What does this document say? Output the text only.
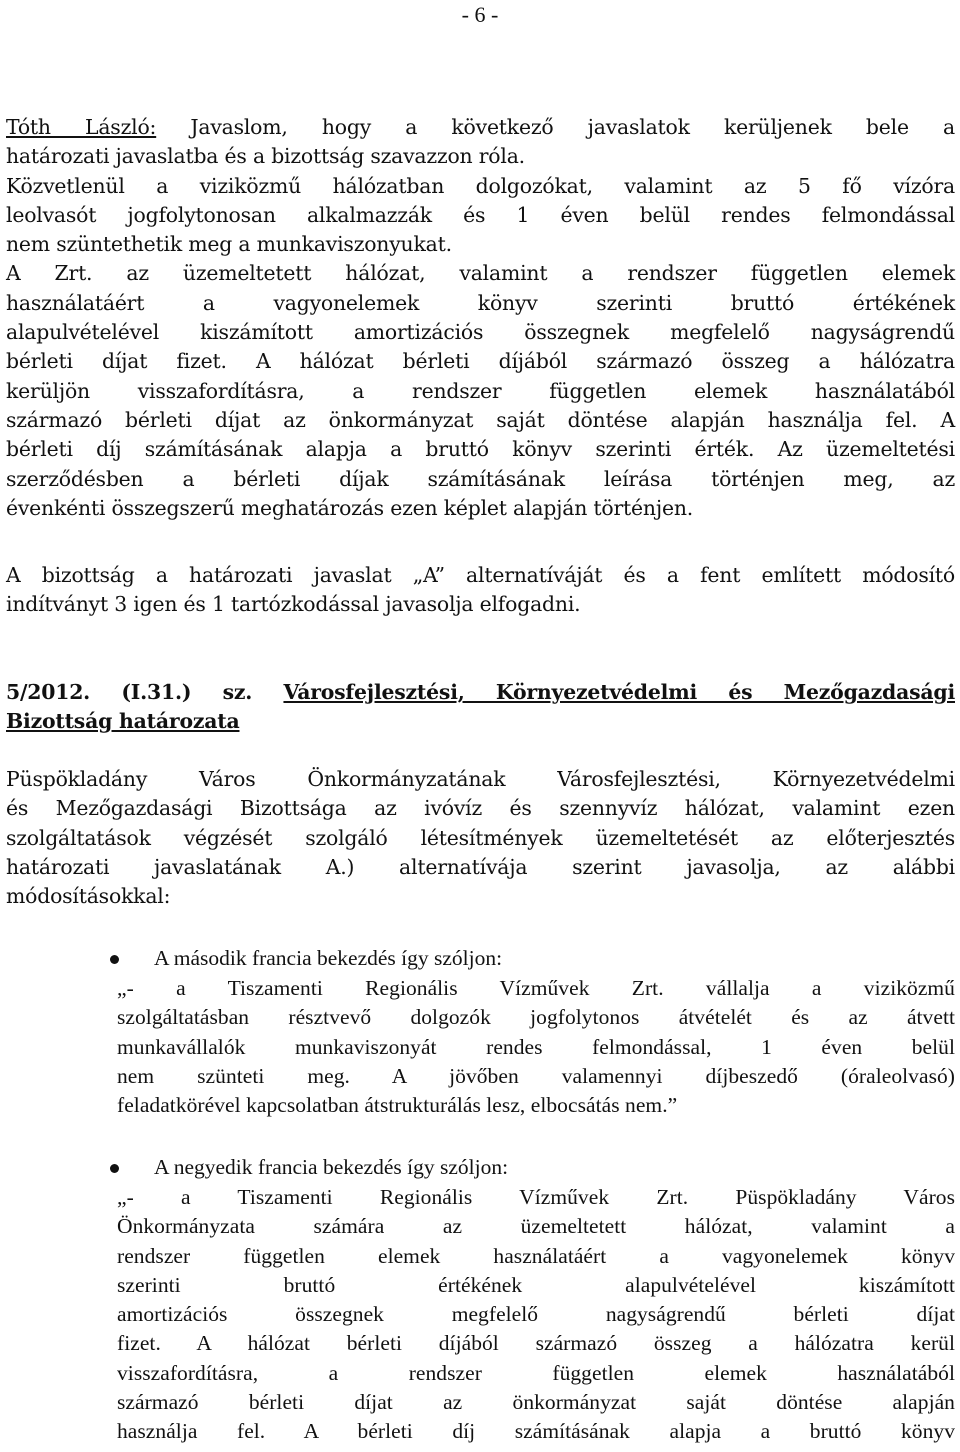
- 6 -
Tóth László: Javaslom, hogy a következő javaslatok kerüljenek bele a
határozati javaslatba és a bizottság szavazzon róla.
Közvetlenül a viziközmű hálózatban dolgozókat, valamint az 5 fő vízóra
leolvasót jogfolytonosan alkalmazzák és 1 éven belül rendes felmondással
nem szüntethetik meg a munkaviszonyukat.
A Zrt. az üzemeltetett hálózat, valamint a rendszer független elemek
használatáért a vagyonelemek könyv szerinti bruttó értékének
alapulvételével kiszámított amortizációs összegnek megfelelő nagyságrendű
bérleti díjat fizet. A hálózat bérleti díjából származó összeg a hálózatra
kerüljön visszafordításra, a rendszer független elemek használatából
származó bérleti díjat az önkormányzat saját döntése alapján használja fel. A
bérleti díj számításának alapja a bruttó könyv szerinti érték. Az üzemeltetési
szerződésben a bérleti díjak számításának leírása történjen meg, az
évenkénti összegszerű meghatározás ezen képlet alapján történjen.
A bizottság a határozati javaslat „A” alternatíváját és a fent említett módosító
indítványt 3 igen és 1 tartózkodással javasolja elfogadni.
5/2012. (I.31.) sz. Városfejlesztési, Környezetvédelmi és Mezőgazdasági
Bizottság határozata
Püspökladány Város Önkormányzatának Városfejlesztési, Környezetvédelmi
és Mezőgazdasági Bizottsága az ivóvíz és szennyvíz hálózat, valamint ezen
szolgáltatások végzését szolgáló létesítmények üzemeltetését az előterjesztés
határozati javaslatának A.) alternatívája szerint javasolja, az alábbi
módosításokkal:
A második francia bekezdés így szóljon:
„- a Tiszamenti Regionális Vízművek Zrt. vállalja a viziközmű
szolgáltatásban résztvevő dolgozók jogfolytonos átvételét és az átvett
munkavállalók munkaviszonyát rendes felmondással, 1 éven belül
nem szünteti meg. A jövőben valamennyi díjbeszedő (óraleolvasó)
feladatkörével kapcsolatban átstrukturálás lesz, elbocsátás nem.”
A negyedik francia bekezdés így szóljon:
„- a Tiszamenti Regionális Vízművek Zrt. Püspökladány Város
Önkormányzata számára az üzemeltetett hálózat, valamint a
rendszer független elemek használatáért a vagyonelemek könyv
szerinti bruttó értékének alapulvételével kiszámított
amortizációs összegnek megfelelő nagyságrendű bérleti díjat
fizet. A hálózat bérleti díjából származó összeg a hálózatra kerül
visszafordításra, a rendszer független elemek használatából
származó bérleti díjat az önkormányzat saját döntése alapján
használja fel. A bérleti díj számításának alapja a bruttó könyv
